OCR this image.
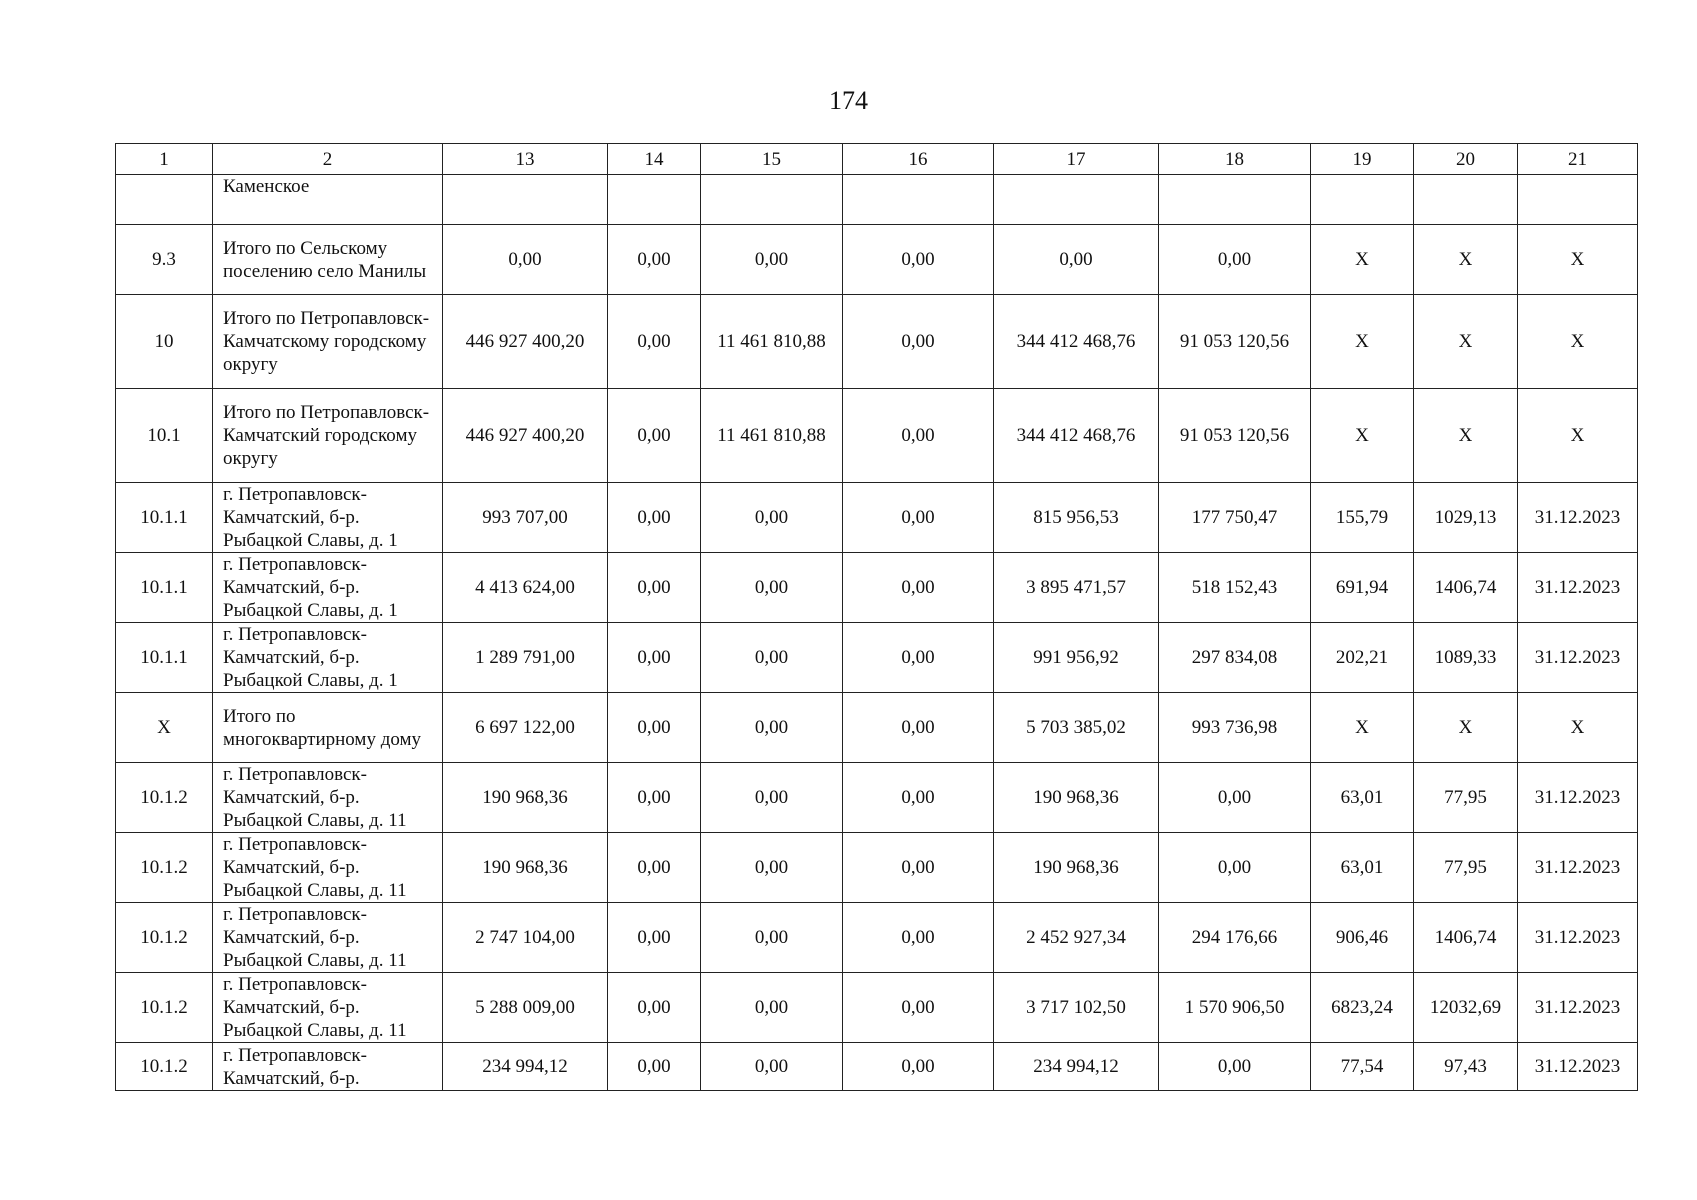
174
1	2	13	14	15	16	17	18	19	20	21
	Каменское									
9.3	Итого по Сельскому поселению село Манилы	0,00	0,00	0,00	0,00	0,00	0,00	X	X	X
10	Итого по Петропавловск-Камчатскому городскому округу	446 927 400,20	0,00	11 461 810,88	0,00	344 412 468,76	91 053 120,56	X	X	X
10.1	Итого по Петропавловск-Камчатский городскому округу	446 927 400,20	0,00	11 461 810,88	0,00	344 412 468,76	91 053 120,56	X	X	X
10.1.1	г. Петропавловск-Камчатский, б-р. Рыбацкой Славы, д. 1	993 707,00	0,00	0,00	0,00	815 956,53	177 750,47	155,79	1029,13	31.12.2023
10.1.1	г. Петропавловск-Камчатский, б-р. Рыбацкой Славы, д. 1	4 413 624,00	0,00	0,00	0,00	3 895 471,57	518 152,43	691,94	1406,74	31.12.2023
10.1.1	г. Петропавловск-Камчатский, б-р. Рыбацкой Славы, д. 1	1 289 791,00	0,00	0,00	0,00	991 956,92	297 834,08	202,21	1089,33	31.12.2023
X	Итого по многоквартирному дому	6 697 122,00	0,00	0,00	0,00	5 703 385,02	993 736,98	X	X	X
10.1.2	г. Петропавловск-Камчатский, б-р. Рыбацкой Славы, д. 11	190 968,36	0,00	0,00	0,00	190 968,36	0,00	63,01	77,95	31.12.2023
10.1.2	г. Петропавловск-Камчатский, б-р. Рыбацкой Славы, д. 11	190 968,36	0,00	0,00	0,00	190 968,36	0,00	63,01	77,95	31.12.2023
10.1.2	г. Петропавловск-Камчатский, б-р. Рыбацкой Славы, д. 11	2 747 104,00	0,00	0,00	0,00	2 452 927,34	294 176,66	906,46	1406,74	31.12.2023
10.1.2	г. Петропавловск-Камчатский, б-р. Рыбацкой Славы, д. 11	5 288 009,00	0,00	0,00	0,00	3 717 102,50	1 570 906,50	6823,24	12032,69	31.12.2023
10.1.2	г. Петропавловск-Камчатский, б-р.	234 994,12	0,00	0,00	0,00	234 994,12	0,00	77,54	97,43	31.12.2023
